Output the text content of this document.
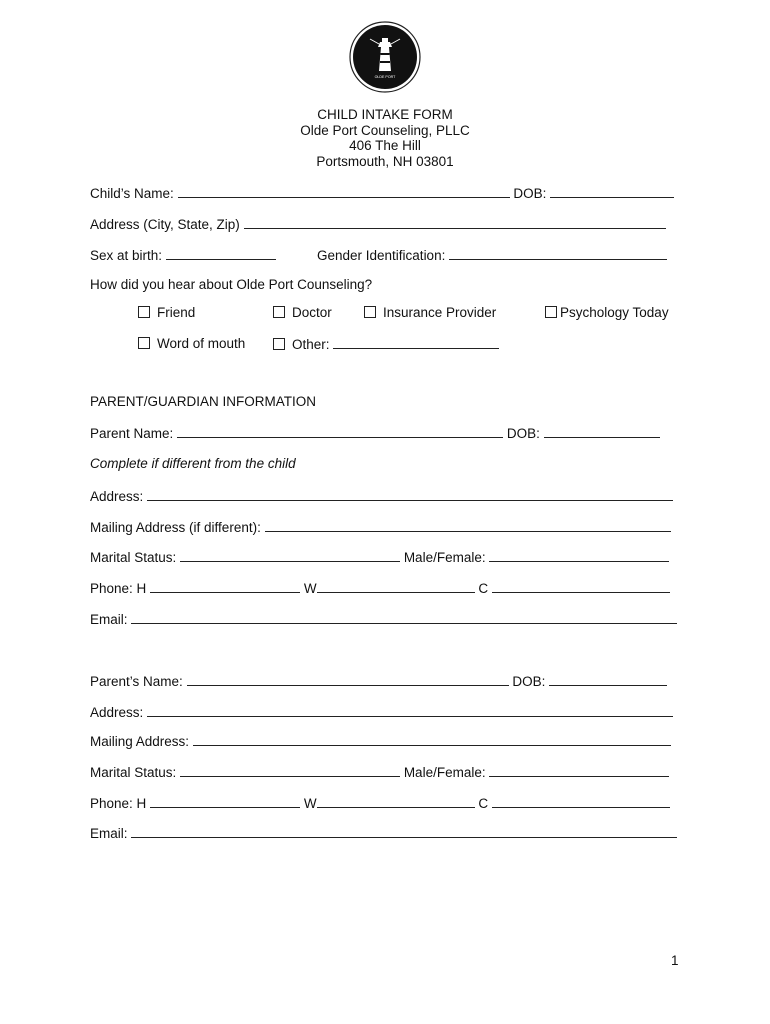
OLDE PORT
CHILD INTAKE FORM
Olde Port Counseling, PLLC
406 The Hill
Portsmouth, NH 03801
Child’s Name:	DOB:
Address (City, State, Zip)
Sex at birth:	Gender Identification:
How did you hear about Olde Port Counseling?
Friend	Doctor	Insurance Provider	Psychology Today
Word of mouth	Other:
PARENT/GUARDIAN INFORMATION
Parent Name:	DOB:
Complete if different from the child
Address:
Mailing Address (if different):
Marital Status:	Male/Female:
Phone: H	W	C
Email:
Parent’s Name:	DOB:
Address:
Mailing Address:
Marital Status:	Male/Female:
Phone: H	W	C
Email:
1
